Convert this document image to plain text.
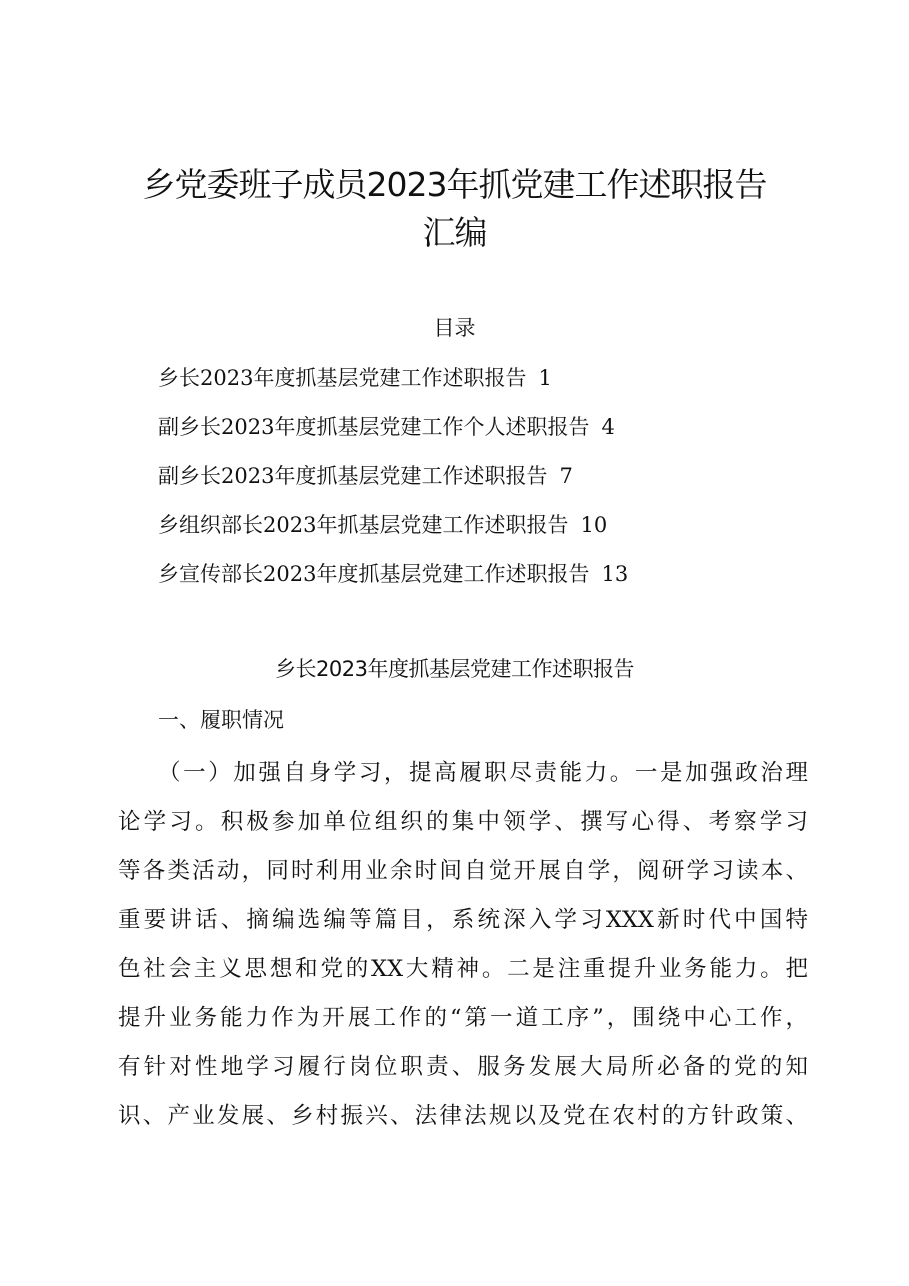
乡党委班子成员2023年抓党建工作述职报告
汇编
目录
乡长2023年度抓基层党建工作述职报告 1
副乡长2023年度抓基层党建工作个人述职报告 4
副乡长2023年度抓基层党建工作述职报告 7
乡组织部长2023年抓基层党建工作述职报告 10
乡宣传部长2023年度抓基层党建工作述职报告 13
乡长2023年度抓基层党建工作述职报告
一、履职情况
（一）加强自身学习，提高履职尽责能力。一是加强政治理
论学习。积极参加单位组织的集中领学、撰写心得、考察学习
等各类活动，同时利用业余时间自觉开展自学，阅研学习读本、
重要讲话、摘编选编等篇目，系统深入学习XXX新时代中国特
色社会主义思想和党的XX大精神。二是注重提升业务能力。把
提升业务能力作为开展工作的“第一道工序”，围绕中心工作，
有针对性地学习履行岗位职责、服务发展大局所必备的党的知
识、产业发展、乡村振兴、法律法规以及党在农村的方针政策、
